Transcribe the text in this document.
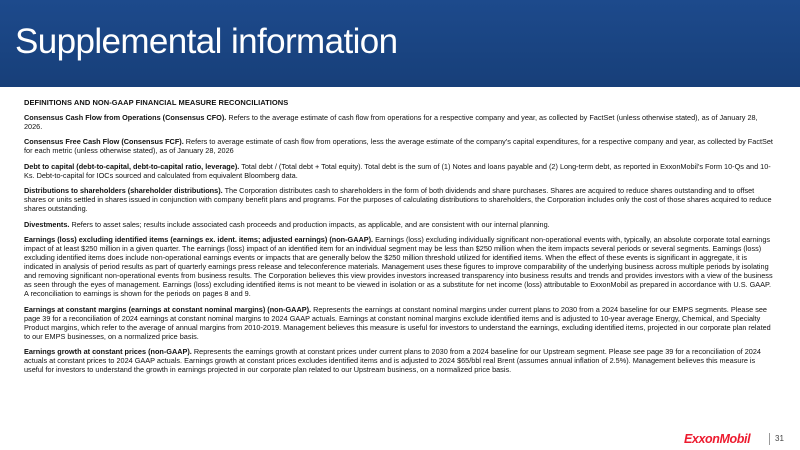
Supplemental information
DEFINITIONS AND NON-GAAP FINANCIAL MEASURE RECONCILIATIONS

Consensus Cash Flow from Operations (Consensus CFO). Refers to the average estimate of cash flow from operations for a respective company and year, as collected by FactSet (unless otherwise stated), as of January 28, 2026.

Consensus Free Cash Flow (Consensus FCF). Refers to average estimate of cash flow from operations, less the average estimate of the company’s capital expenditures, for a respective company and year, as collected by FactSet for each metric (unless otherwise stated), as of January 28, 2026

Debt to capital (debt-to-capital, debt-to-capital ratio, leverage). Total debt / (Total debt + Total equity). Total debt is the sum of (1) Notes and loans payable and (2) Long-term debt, as reported in ExxonMobil’s Form 10-Qs and 10-Ks. Debt-to-capital for IOCs sourced and calculated from equivalent Bloomberg data.

Distributions to shareholders (shareholder distributions). The Corporation distributes cash to shareholders in the form of both dividends and share purchases. Shares are acquired to reduce shares outstanding and to offset shares or units settled in shares issued in conjunction with company benefit plans and programs. For the purposes of calculating distributions to shareholders, the Corporation includes only the cost of those shares acquired to reduce shares outstanding.

Divestments. Refers to asset sales; results include associated cash proceeds and production impacts, as applicable, and are consistent with our internal planning.

Earnings (loss) excluding identified items (earnings ex. ident. items; adjusted earnings) (non-GAAP). Earnings (loss) excluding individually significant non-operational events with, typically, an absolute corporate total earnings impact of at least $250 million in a given quarter. The earnings (loss) impact of an identified item for an individual segment may be less than $250 million when the item impacts several periods or several segments. Earnings (loss) excluding identified items does include non-operational earnings events or impacts that are generally below the $250 million threshold utilized for identified items. When the effect of these events is significant in aggregate, it is indicated in analysis of period results as part of quarterly earnings press release and teleconference materials. Management uses these figures to improve comparability of the underlying business across multiple periods by isolating and removing significant non-operational events from business results. The Corporation believes this view provides investors increased transparency into business results and trends and provides investors with a view of the business as seen through the eyes of management. Earnings (loss) excluding identified items is not meant to be viewed in isolation or as a substitute for net income (loss) attributable to ExxonMobil as prepared in accordance with U.S. GAAP. A reconciliation to earnings is shown for the periods on pages 8 and 9.

Earnings at constant margins (earnings at constant nominal margins) (non-GAAP). Represents the earnings at constant nominal margins under current plans to 2030 from a 2024 baseline for our EMPS segments. Please see page 39 for a reconciliation of 2024 earnings at constant nominal margins to 2024 GAAP actuals. Earnings at constant nominal margins exclude identified items and is adjusted to 10-year average Energy, Chemical, and Specialty Product margins, which refer to the average of annual margins from 2010-2019. Management believes this measure is useful for investors to understand the earnings, excluding identified items, projected in our corporate plan related to our EMPS businesses, on a normalized price basis.

Earnings growth at constant prices (non-GAAP). Represents the earnings growth at constant prices under current plans to 2030 from a 2024 baseline for our Upstream segment. Please see page 39 for a reconciliation of 2024 actuals at constant prices to 2024 GAAP actuals. Earnings growth at constant prices excludes identified items and is adjusted to 2024 $65/bbl real Brent (assumes annual inflation of 2.5%). Management believes this measure is useful for investors to understand the growth in earnings projected in our corporate plan related to our Upstream business, on a normalized price basis.

ExxonMobil	31
